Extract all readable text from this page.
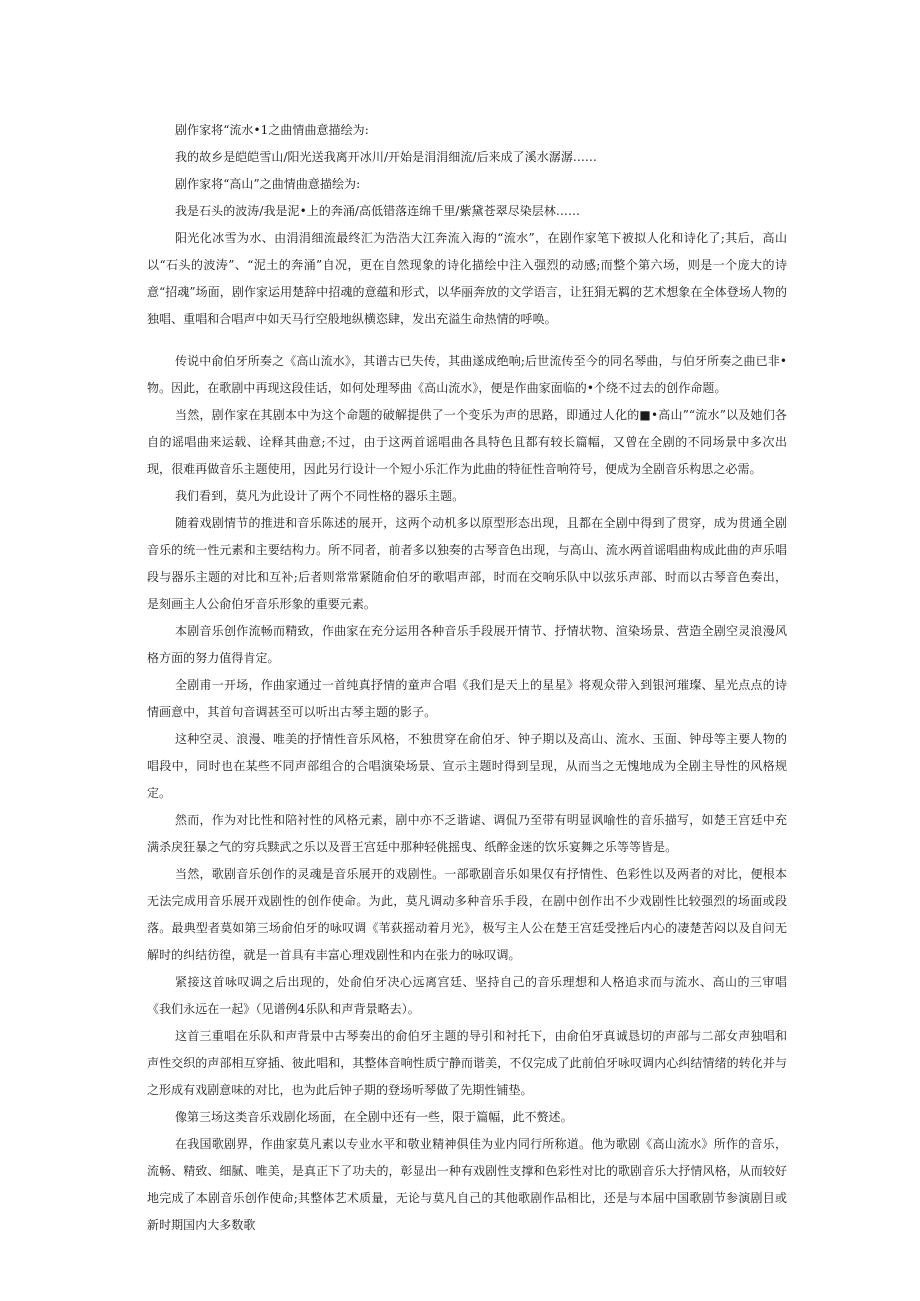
剧作家将“流水•1之曲情曲意描绘为:

我的故乡是皑皑雪山/阳光送我离开冰川/开始是涓涓细流/后来成了溪水潺潺……

剧作家将“高山”之曲情曲意描绘为:

我是石头的波涛/我是泥•上的奔涌/高低错落连绵千里/紫黛苍翠尽染层林……

阳光化冰雪为水、由涓涓细流最终汇为浩浩大江奔流入海的“流水”，在剧作家笔下被拟人化和诗化了;其后，高山以“石头的波涛”、“泥土的奔涌”自况，更在自然现象的诗化描绘中注入强烈的动感;而整个第六场，则是一个庞大的诗意“招魂”场面，剧作家运用楚辞中招魂的意蕴和形式，以华丽奔放的文学语言，让狂狷无羁的艺术想象在全体登场人物的独唱、重唱和合唱声中如天马行空般地纵横恣肆，发出充溢生命热情的呼唤。

传说中俞伯牙所奏之《高山流水》，其谱古已失传，其曲遂成绝响;后世流传至今的同名琴曲，与伯牙所奏之曲已非•物。因此，在歌剧中再现这段佳话，如何处理琴曲《高山流水》，便是作曲家面临的•个绕不过去的创作命题。

当然，剧作家在其剧本中为这个命题的破解提供了一个变乐为声的思路，即通过人化的■•高山”“流水”以及她们各自的谣唱曲来运载、诠释其曲意;不过，由于这两首谣唱曲各具特色且都有较长篇幅，又曾在全剧的不同场景中多次出现，很难再做音乐主题使用，因此另行设计一个短小乐汇作为此曲的特征性音响符号，便成为全剧音乐构思之必需。

我们看到，莫凡为此设计了两个不同性格的器乐主题。

随着戏剧情节的推进和音乐陈述的展开，这两个动机多以原型形态出现，且都在全剧中得到了贯穿，成为贯通全剧音乐的统一性元素和主要结构力。所不同者，前者多以独奏的古琴音色出现，与高山、流水两首谣唱曲构成此曲的声乐唱段与器乐主题的对比和互补;后者则常常紧随俞伯牙的歌唱声部，时而在交响乐队中以弦乐声部、时而以古琴音色奏出，是刻画主人公俞伯牙音乐形象的重要元素。

本剧音乐创作流畅而精致，作曲家在充分运用各种音乐手段展开情节、抒情状物、渲染场景、营造全剧空灵浪漫风格方面的努力值得肯定。

全剧甫一开场，作曲家通过一首纯真抒情的童声合唱《我们是天上的星星》将观众带入到银河璀璨、星光点点的诗情画意中，其首句音调甚至可以听出古琴主题的影子。

这种空灵、浪漫、唯美的抒情性音乐风格，不独贯穿在俞伯牙、钟子期以及高山、流水、玉面、钟母等主要人物的唱段中，同时也在某些不同声部组合的合唱演染场景、宣示主题时得到呈现，从而当之无愧地成为全剧主导性的风格规定。

然而，作为对比性和陪衬性的风格元素，剧中亦不乏谐谑、调侃乃至带有明显讽喻性的音乐描写，如楚王宫廷中充满杀戾狂暴之气的穷兵黩武之乐以及晋王宫廷中那种轻佻摇曳、纸醉金迷的饮乐宴舞之乐等等皆是。

当然，歌剧音乐创作的灵魂是音乐展开的戏剧性。一部歌剧音乐如果仅有抒情性、色彩性以及两者的对比，便根本无法完成用音乐展开戏剧性的创作使命。为此，莫凡调动多种音乐手段，在剧中创作出不少戏剧性比较强烈的场面或段落。最典型者莫如第三场俞伯牙的咏叹调《苇荻摇动着月光》，极写主人公在楚王宫廷受挫后内心的凄楚苦闷以及自问无解时的纠结彷徨，就是一首具有丰富心理戏剧性和内在张力的咏叹调。

紧接这首咏叹调之后出现的，处俞伯牙决心远离宫廷、坚持自己的音乐理想和人格追求而与流水、高山的三审唱《我们永远在一起》（见谱例4乐队和声背景略去）。

这首三重唱在乐队和声背景中古琴奏出的俞伯牙主题的导引和衬托下，由俞伯牙真诚恳切的声部与二部女声独唱和声性交织的声部相互穿插、彼此唱和，其整体音响性质宁静而谐美，不仅完成了此前伯牙咏叹调内心纠结情绪的转化并与之形成有戏剧意味的对比，也为此后钟子期的登场听琴做了先期性铺垫。

像第三场这类音乐戏剧化场面，在全剧中还有一些，限于篇幅，此不赘述。

在我国歌剧界，作曲家莫凡素以专业水平和敬业精神俱佳为业内同行所称道。他为歌剧《高山流水》所作的音乐，流畅、精致、细腻、唯美，是真正下了功夫的，彰显出一种有戏剧性支撑和色彩性对比的歌剧音乐大抒情风格，从而较好地完成了本剧音乐创作使命;其整体艺术质量，无论与莫凡自己的其他歌剧作品相比，还是与本届中国歌剧节参演剧目或新时期国内大多数歌
